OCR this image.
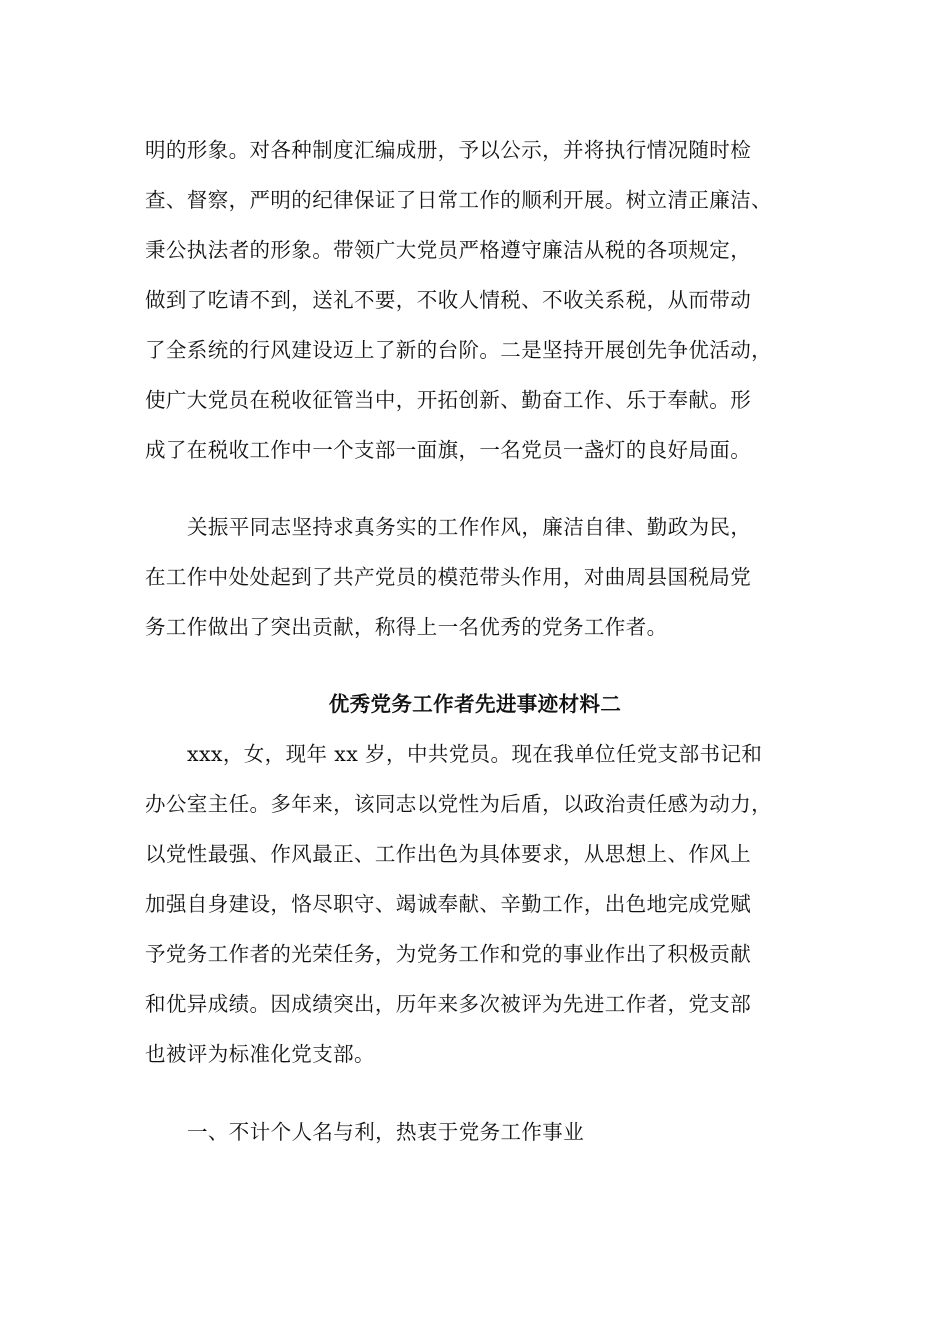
明的形象。对各种制度汇编成册，予以公示，并将执行情况随时检
查、督察，严明的纪律保证了日常工作的顺利开展。树立清正廉洁、
秉公执法者的形象。带领广大党员严格遵守廉洁从税的各项规定，
做到了吃请不到，送礼不要，不收人情税、不收关系税，从而带动
了全系统的行风建设迈上了新的台阶。二是坚持开展创先争优活动，
使广大党员在税收征管当中，开拓创新、勤奋工作、乐于奉献。形
成了在税收工作中一个支部一面旗，一名党员一盏灯的良好局面。
关振平同志坚持求真务实的工作作风，廉洁自律、勤政为民，
在工作中处处起到了共产党员的模范带头作用，对曲周县国税局党
务工作做出了突出贡献，称得上一名优秀的党务工作者。
优秀党务工作者先进事迹材料二
xxx，女，现年 xx 岁，中共党员。现在我单位任党支部书记和
办公室主任。多年来，该同志以党性为后盾，以政治责任感为动力，
以党性最强、作风最正、工作出色为具体要求，从思想上、作风上
加强自身建设，恪尽职守、竭诚奉献、辛勤工作，出色地完成党赋
予党务工作者的光荣任务，为党务工作和党的事业作出了积极贡献
和优异成绩。因成绩突出，历年来多次被评为先进工作者，党支部
也被评为标准化党支部。
一、不计个人名与利，热衷于党务工作事业
